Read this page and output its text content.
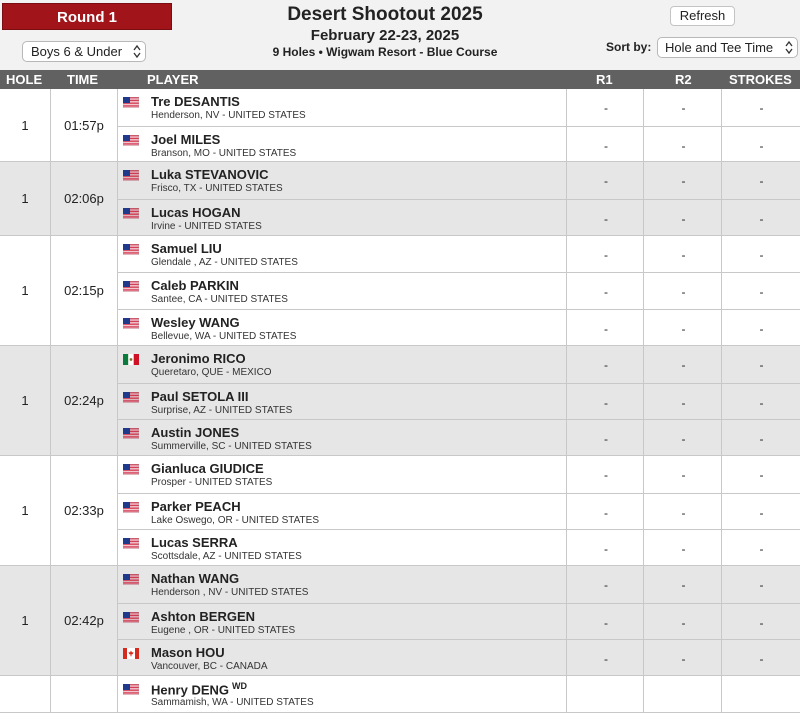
Round 1
Boys 6 & Under
Desert Shootout 2025
February 22-23, 2025
9 Holes • Wigwam Resort - Blue Course
Refresh
Sort by:	Hole and Tee Time
HOLE TIME	PLAYER	R1	R2	STROKES
1	01:57p
Tre DESANTIS
Henderson, NV - UNITED STATES
-	-	-
Joel MILES
Branson, MO - UNITED STATES
-	-	-
1	02:06p
Luka STEVANOVIC
Frisco, TX - UNITED STATES
-	-	-
Lucas HOGAN
Irvine - UNITED STATES
-	-	-
1	02:15p
Samuel LIU
Glendale , AZ - UNITED STATES
-	-	-
Caleb PARKIN
Santee, CA - UNITED STATES
-	-	-
Wesley WANG
Bellevue, WA - UNITED STATES
-	-	-
1	02:24p
Jeronimo RICO
Queretaro, QUE - MEXICO
-	-	-
Paul SETOLA III
Surprise, AZ - UNITED STATES
-	-	-
Austin JONES
Summerville, SC - UNITED STATES
-	-	-
1	02:33p
Gianluca GIUDICE
Prosper - UNITED STATES
-	-	-
Parker PEACH
Lake Oswego, OR - UNITED STATES
-	-	-
Lucas SERRA
Scottsdale, AZ - UNITED STATES
-	-	-
1	02:42p
Nathan WANG
Henderson , NV - UNITED STATES
-	-	-
Ashton BERGEN
Eugene , OR - UNITED STATES
-	-	-
Mason HOU
Vancouver, BC - CANADA
-	-	-
Henry DENG $^{WD}$
Sammamish, WA - UNITED STATES
